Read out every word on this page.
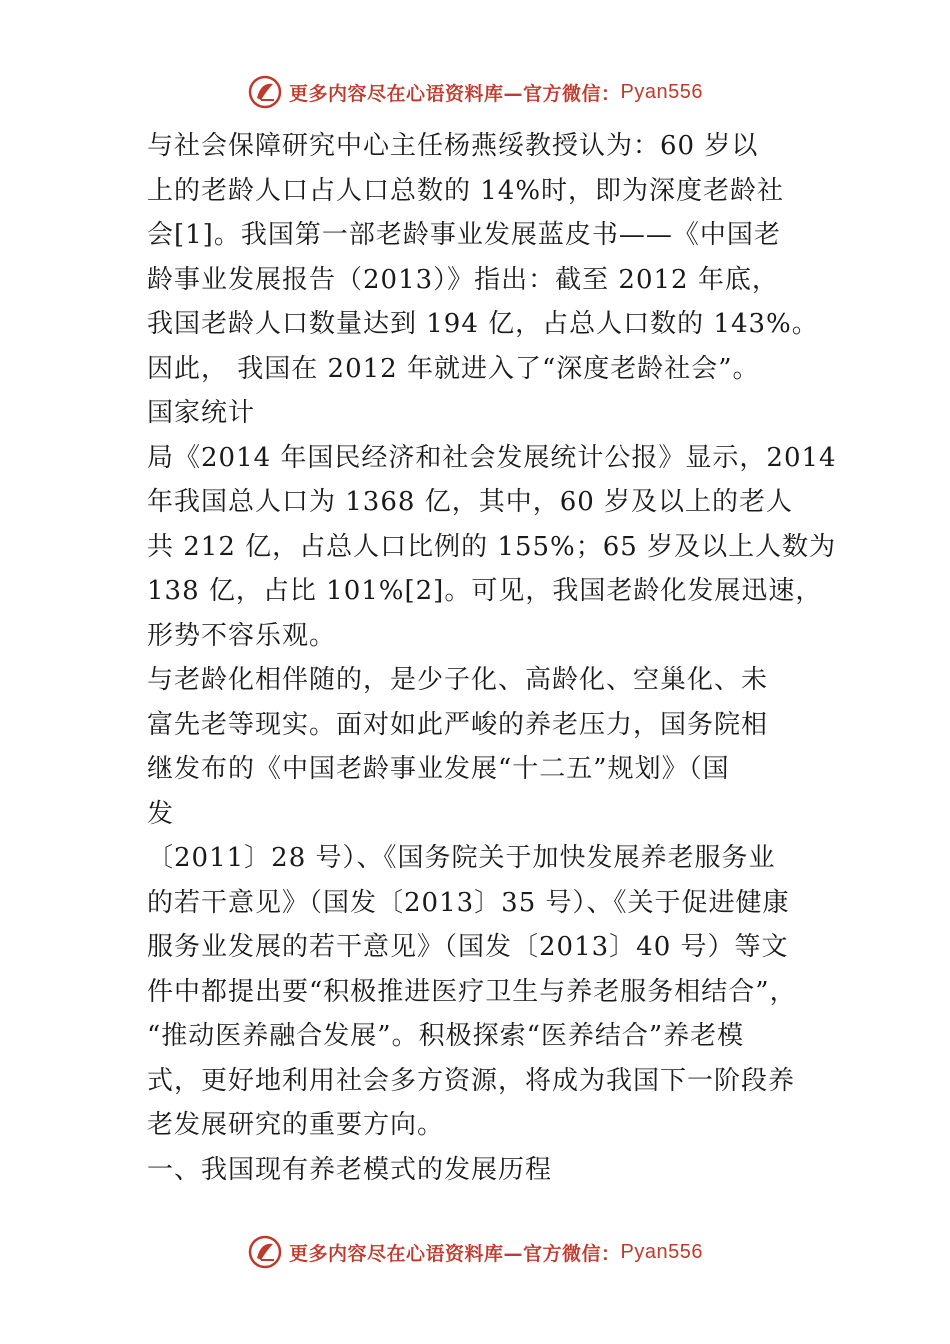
更多内容尽在心语资料库—官方微信： Pyan556
与社会保障研究中心主任杨燕绥教授认为：60 岁以
上的老龄人口占人口总数的 14%时，即为深度老龄社
会[1]。我国第一部老龄事业发展蓝皮书——《中国老
龄事业发展报告（2013）》指出：截至 2012 年底，
我国老龄人口数量达到 194 亿，占总人口数的 143%。
因此， 我国在 2012 年就进入了“深度老龄社会”。
国家统计
局《2014 年国民经济和社会发展统计公报》显示，2014
年我国总人口为 1368 亿，其中，60 岁及以上的老人
共 212 亿，占总人口比例的 155%；65 岁及以上人数为
138 亿，占比 101%[2]。可见，我国老龄化发展迅速，
形势不容乐观。
与老龄化相伴随的，是少子化、高龄化、空巢化、未
富先老等现实。面对如此严峻的养老压力，国务院相
继发布的《中国老龄事业发展“十二五”规划》（国
发
〔2011〕28 号）、《国务院关于加快发展养老服务业
的若干意见》（国发〔2013〕35 号）、《关于促进健康
服务业发展的若干意见》（国发〔2013〕40 号）等文
件中都提出要“积极推进医疗卫生与养老服务相结合”，
“推动医养融合发展”。积极探索“医养结合”养老模
式，更好地利用社会多方资源，将成为我国下一阶段养
老发展研究的重要方向。
一、我国现有养老模式的发展历程
更多内容尽在心语资料库—官方微信： Pyan556
